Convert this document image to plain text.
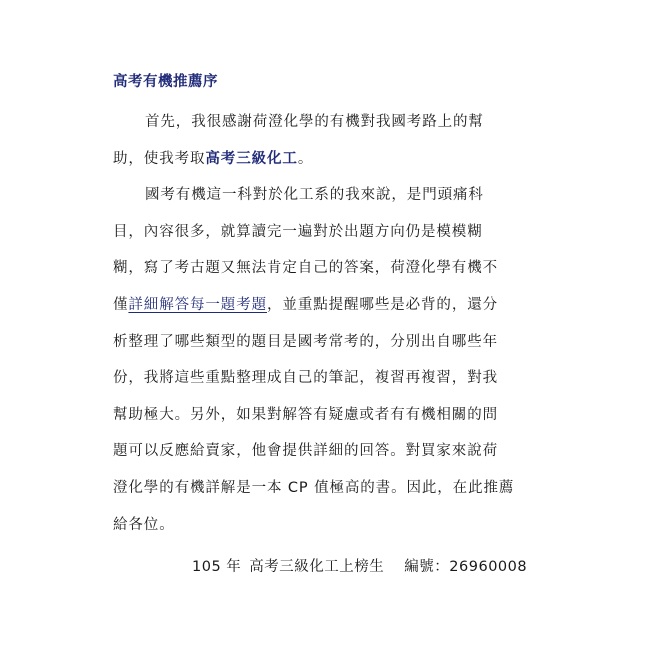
高考有機推薦序

首先，我很感謝荷澄化學的有機對我國考路上的幫
助，使我考取高考三級化工。

國考有機這一科對於化工系的我來說，是門頭痛科
目，內容很多，就算讀完一遍對於出題方向仍是模模糊
糊，寫了考古題又無法肯定自己的答案，荷澄化學有機不
僅詳細解答每一題考題，並重點提醒哪些是必背的，還分
析整理了哪些類型的題目是國考常考的，分別出自哪些年
份，我將這些重點整理成自己的筆記，複習再複習，對我
幫助極大。另外，如果對解答有疑慮或者有有機相關的問
題可以反應給賣家，他會提供詳細的回答。對買家來說荷
澄化學的有機詳解是一本 CP 值極高的書。因此，在此推薦
給各位。

105 年 高考三級化工上榜生 編號：26960008
